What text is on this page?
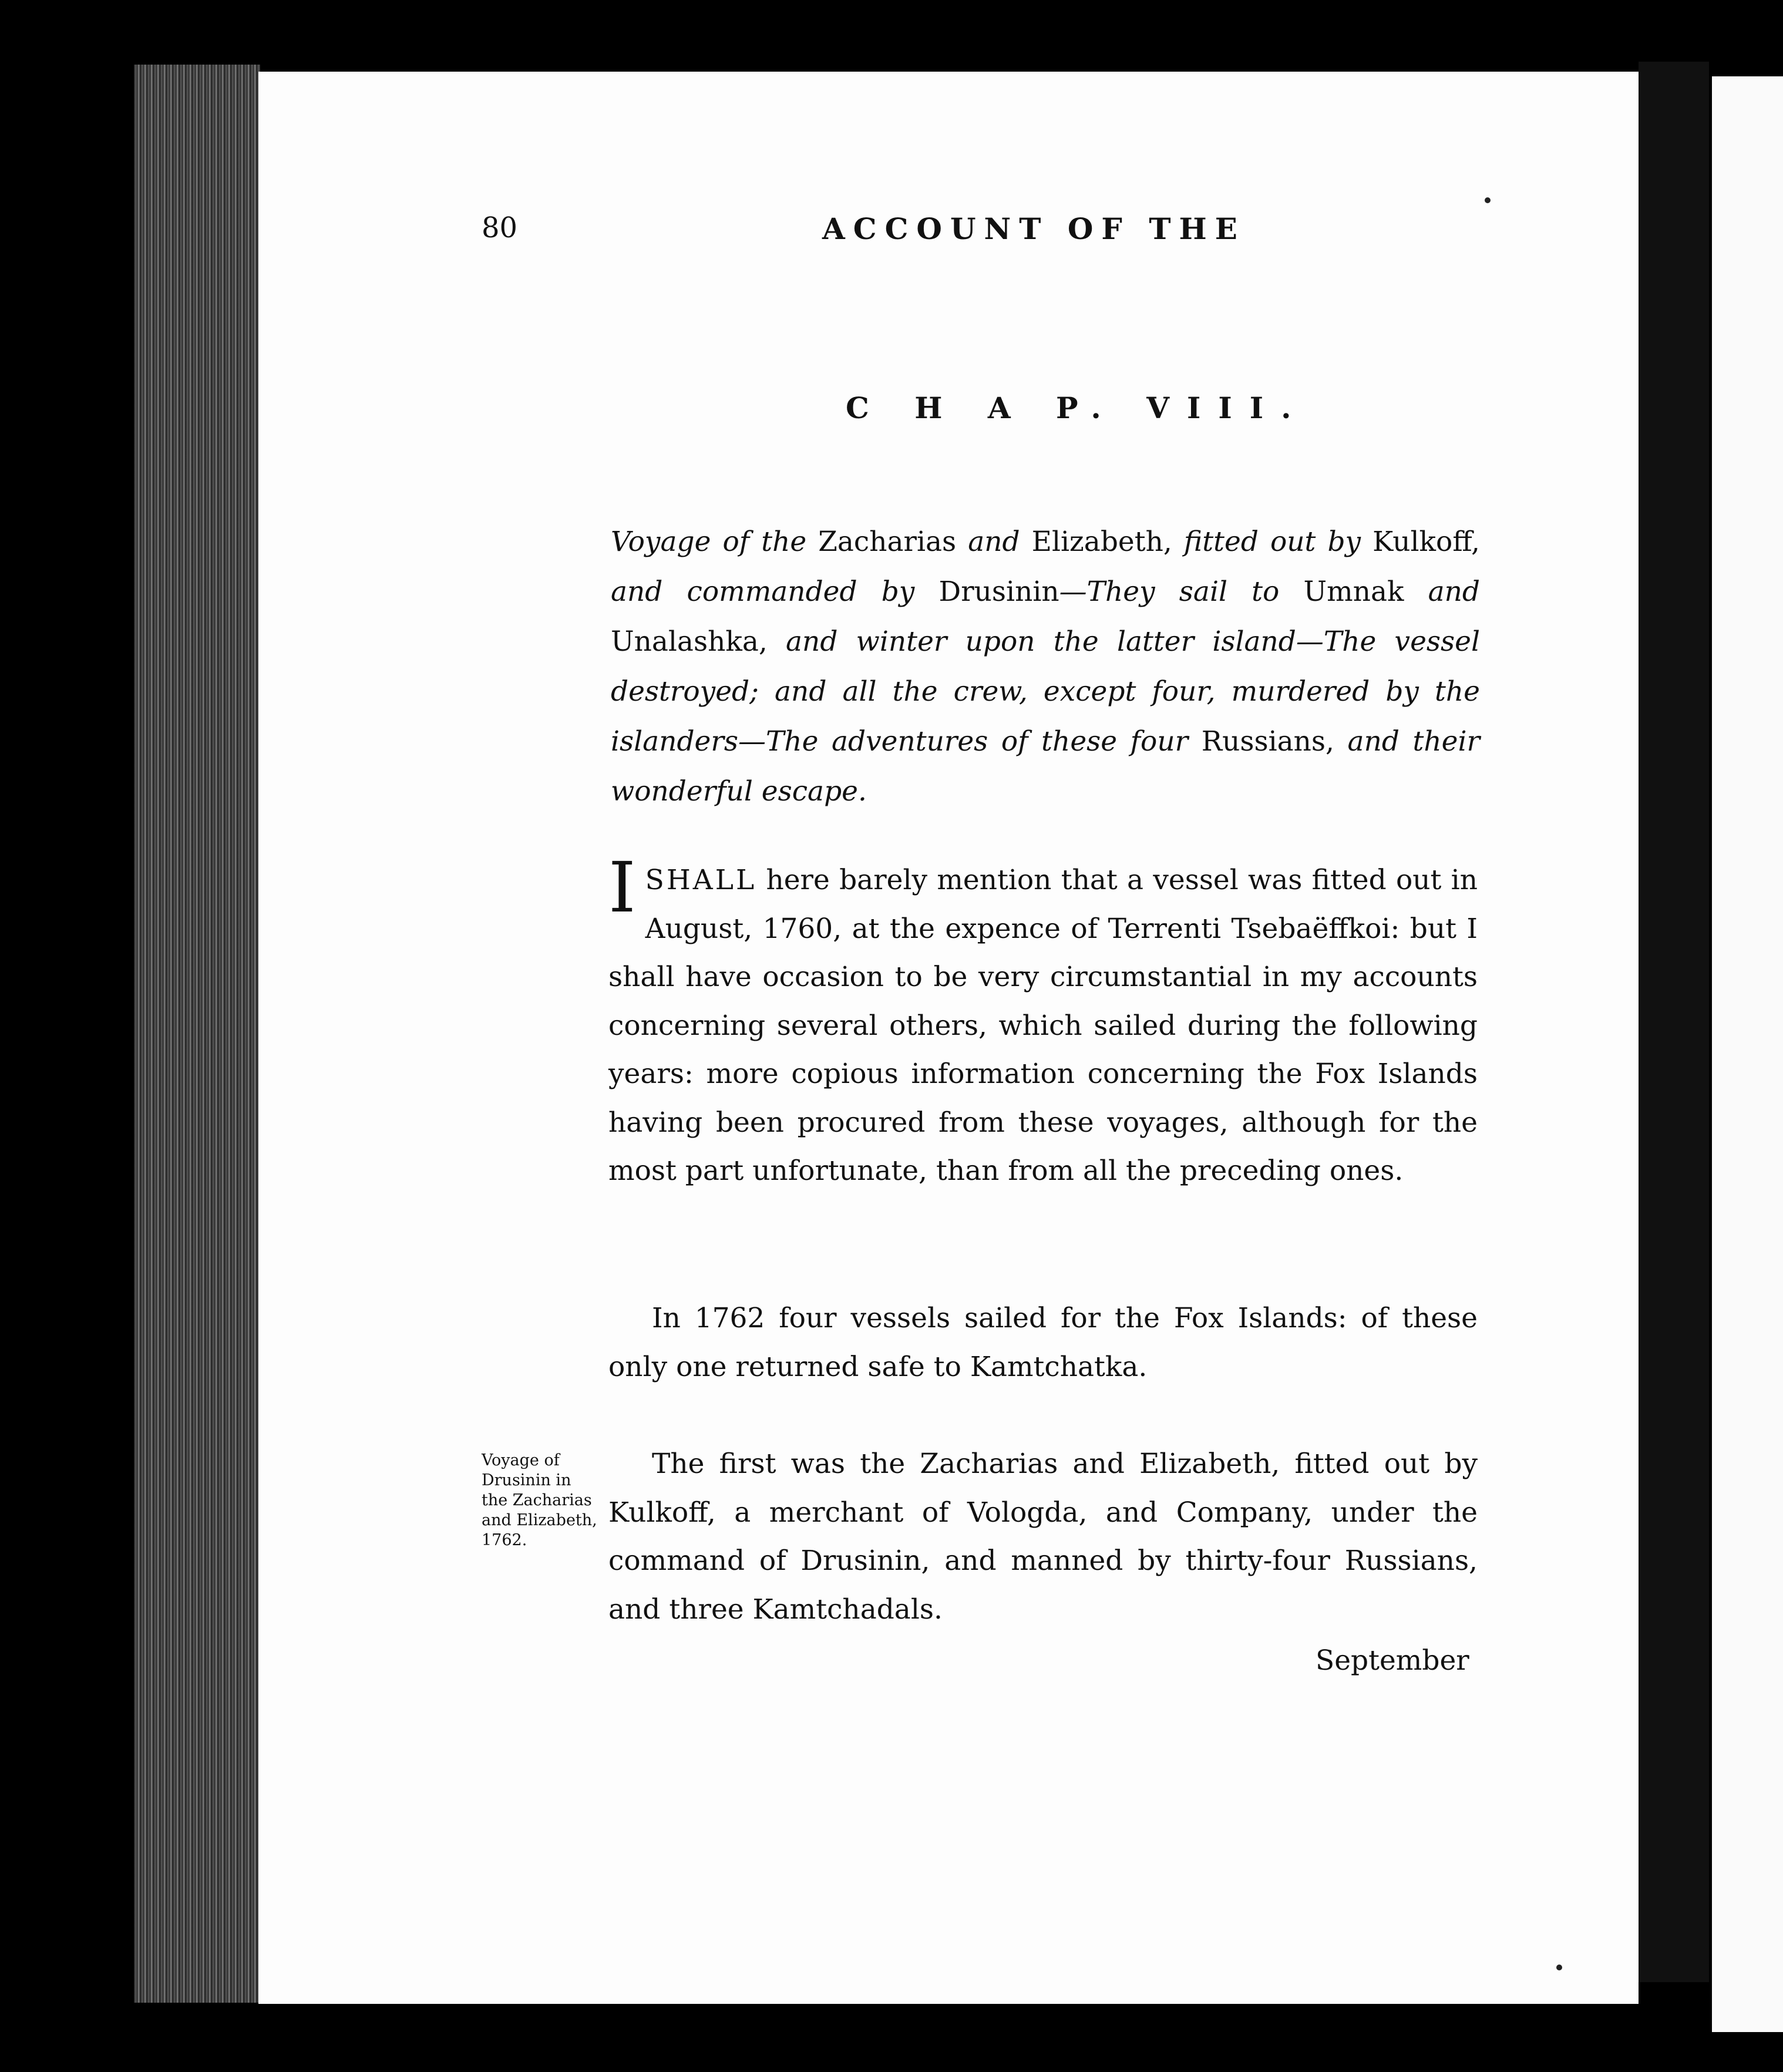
80	ACCOUNT OF THE
C H A P. VIII.
Voyage of the Zacharias and Elizabeth, fitted out by Kulkoff, and commanded by Drusinin—They sail to Umnak and Unalashka, and winter upon the latter island—The vessel destroyed; and all the crew, except four, murdered by the islanders—The adventures of these four Russians, and their wonderful escape.
ISHALL here barely mention that a vessel was fitted out in August, 1760, at the expence of Terrenti Tsebaëffkoi: but I shall have occasion to be very circumstantial in my accounts concerning several others, which sailed during the following years: more copious information concerning the Fox Islands having been procured from these voyages, although for the most part unfortunate, than from all the preceding ones.
In 1762 four vessels sailed for the Fox Islands: of these only one returned safe to Kamtchatka.
Voyage of
Drusinin in
the Zacharias
and Elizabeth,
1762.
The first was the Zacharias and Elizabeth, fitted out by Kulkoff, a merchant of Vologda, and Company, under the command of Drusinin, and manned by thirty-four Russians, and three Kamtchadals.
September
